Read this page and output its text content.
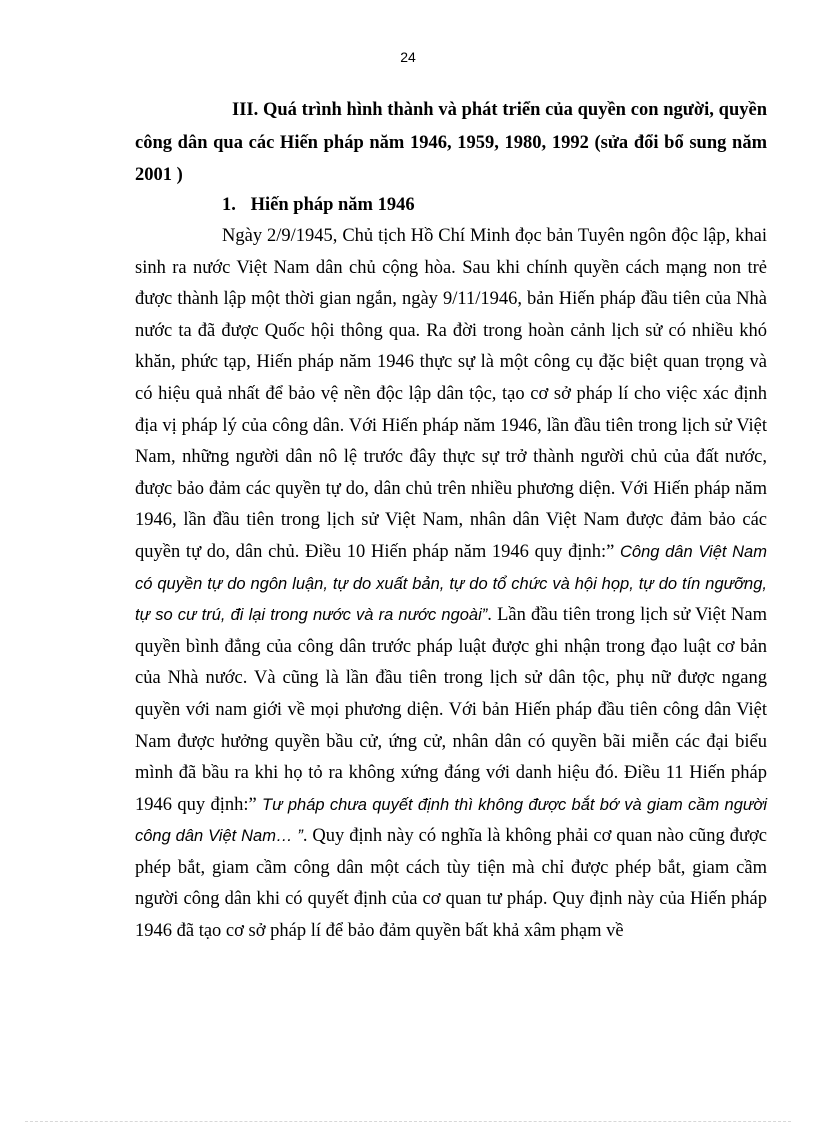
24

III. Quá trình hình thành và phát triển của quyền con người, quyền công dân qua các Hiến pháp năm 1946, 1959, 1980, 1992 (sửa đổi bổ sung năm 2001 )

1. Hiến pháp năm 1946

Ngày 2/9/1945, Chủ tịch Hồ Chí Minh đọc bản Tuyên ngôn độc lập, khai sinh ra nước Việt Nam dân chủ cộng hòa. Sau khi chính quyền cách mạng non trẻ được thành lập một thời gian ngắn, ngày 9/11/1946, bản Hiến pháp đầu tiên của Nhà nước ta đã được Quốc hội thông qua. Ra đời trong hoàn cảnh lịch sử có nhiều khó khăn, phức tạp, Hiến pháp năm 1946 thực sự là một công cụ đặc biệt quan trọng và có hiệu quả nhất để bảo vệ nền độc lập dân tộc, tạo cơ sở pháp lí cho việc xác định địa vị pháp lý của công dân. Với Hiến pháp năm 1946, lần đầu tiên trong lịch sử Việt Nam, những người dân nô lệ trước đây thực sự trở thành người chủ của đất nước, được bảo đảm các quyền tự do, dân chủ trên nhiều phương diện. Với Hiến pháp năm 1946, lần đầu tiên trong lịch sử Việt Nam, nhân dân Việt Nam được đảm bảo các quyền tự do, dân chủ. Điều 10 Hiến pháp năm 1946 quy định:” Công dân Việt Nam có quyền tự do ngôn luận, tự do xuất bản, tự do tổ chức và hội họp, tự do tín ngưỡng, tự so cư trú, đi lại trong nước và ra nước ngoài”. Lần đầu tiên trong lịch sử Việt Nam quyền bình đẳng của công dân trước pháp luật được ghi nhận trong đạo luật cơ bản của Nhà nước. Và cũng là lần đầu tiên trong lịch sử dân tộc, phụ nữ được ngang quyền với nam giới về mọi phương diện. Với bản Hiến pháp đầu tiên công dân Việt Nam được hưởng quyền bầu cử, ứng cử, nhân dân có quyền bãi miễn các đại biểu mình đã bầu ra khi họ tỏ ra không xứng đáng với danh hiệu đó. Điều 11 Hiến pháp 1946 quy định:” Tư pháp chưa quyết định thì không được bắt bớ và giam cầm người công dân Việt Nam… ”. Quy định này có nghĩa là không phải cơ quan nào cũng được phép bắt, giam cầm công dân một cách tùy tiện mà chỉ được phép bắt, giam cầm người công dân khi có quyết định của cơ quan tư pháp. Quy định này của Hiến pháp 1946 đã tạo cơ sở pháp lí để bảo đảm quyền bất khả xâm phạm về
